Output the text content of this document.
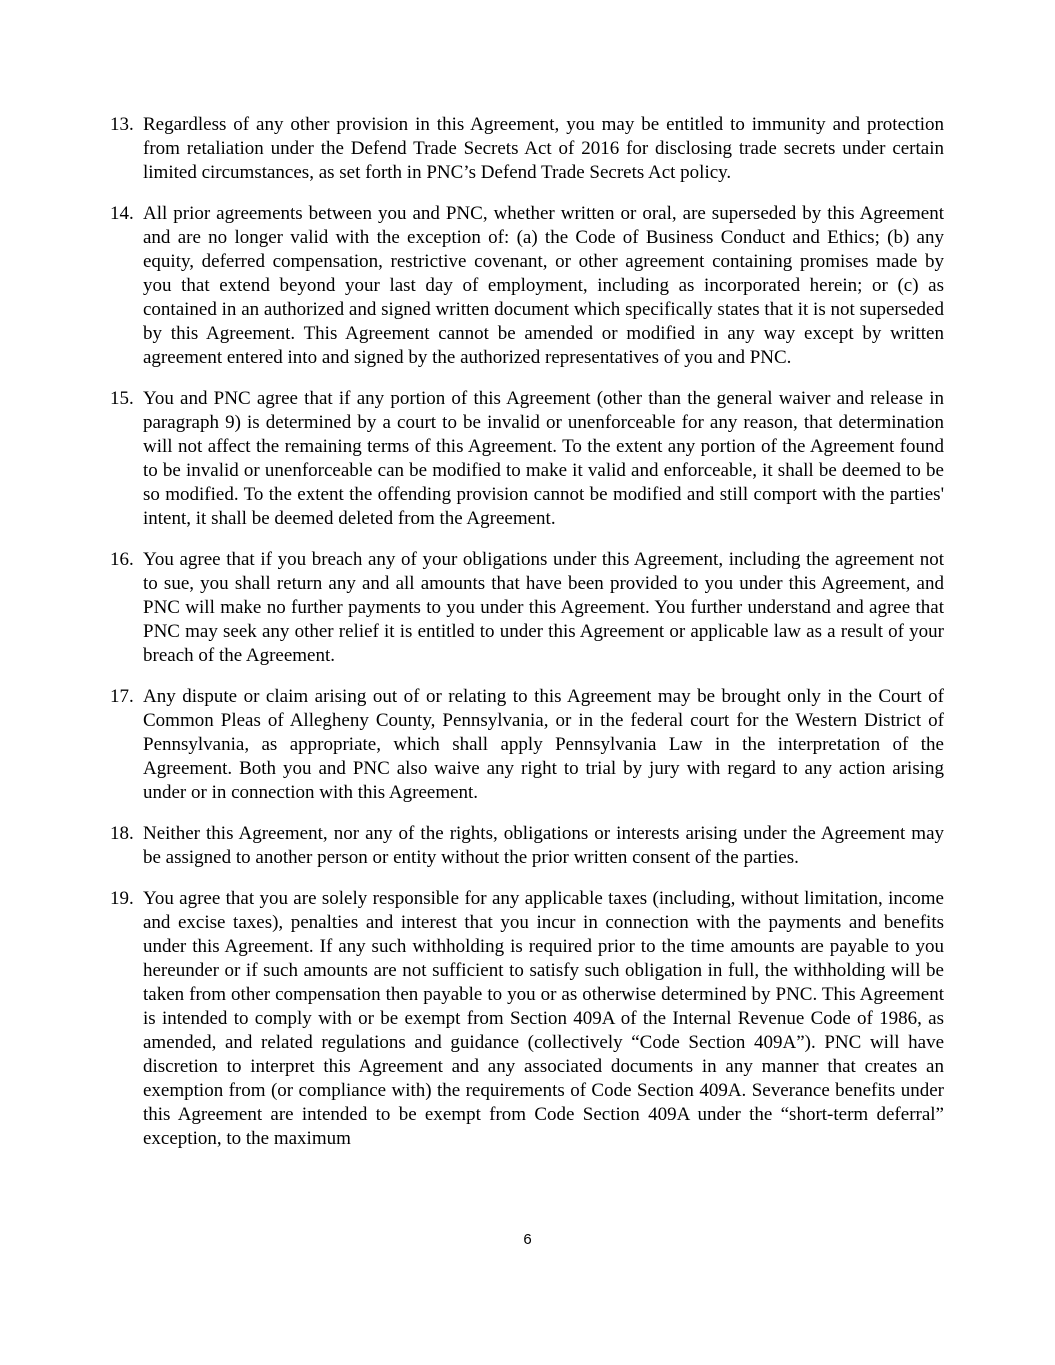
13. Regardless of any other provision in this Agreement, you may be entitled to immunity and protection from retaliation under the Defend Trade Secrets Act of 2016 for disclosing trade secrets under certain limited circumstances, as set forth in PNC’s Defend Trade Secrets Act policy.
14. All prior agreements between you and PNC, whether written or oral, are superseded by this Agreement and are no longer valid with the exception of: (a) the Code of Business Conduct and Ethics; (b) any equity, deferred compensation, restrictive covenant, or other agreement containing promises made by you that extend beyond your last day of employment, including as incorporated herein; or (c) as contained in an authorized and signed written document which specifically states that it is not superseded by this Agreement. This Agreement cannot be amended or modified in any way except by written agreement entered into and signed by the authorized representatives of you and PNC.
15. You and PNC agree that if any portion of this Agreement (other than the general waiver and release in paragraph 9) is determined by a court to be invalid or unenforceable for any reason, that determination will not affect the remaining terms of this Agreement. To the extent any portion of the Agreement found to be invalid or unenforceable can be modified to make it valid and enforceable, it shall be deemed to be so modified. To the extent the offending provision cannot be modified and still comport with the parties' intent, it shall be deemed deleted from the Agreement.
16. You agree that if you breach any of your obligations under this Agreement, including the agreement not to sue, you shall return any and all amounts that have been provided to you under this Agreement, and PNC will make no further payments to you under this Agreement. You further understand and agree that PNC may seek any other relief it is entitled to under this Agreement or applicable law as a result of your breach of the Agreement.
17. Any dispute or claim arising out of or relating to this Agreement may be brought only in the Court of Common Pleas of Allegheny County, Pennsylvania, or in the federal court for the Western District of Pennsylvania, as appropriate, which shall apply Pennsylvania Law in the interpretation of the Agreement. Both you and PNC also waive any right to trial by jury with regard to any action arising under or in connection with this Agreement.
18. Neither this Agreement, nor any of the rights, obligations or interests arising under the Agreement may be assigned to another person or entity without the prior written consent of the parties.
19. You agree that you are solely responsible for any applicable taxes (including, without limitation, income and excise taxes), penalties and interest that you incur in connection with the payments and benefits under this Agreement. If any such withholding is required prior to the time amounts are payable to you hereunder or if such amounts are not sufficient to satisfy such obligation in full, the withholding will be taken from other compensation then payable to you or as otherwise determined by PNC. This Agreement is intended to comply with or be exempt from Section 409A of the Internal Revenue Code of 1986, as amended, and related regulations and guidance (collectively “Code Section 409A”). PNC will have discretion to interpret this Agreement and any associated documents in any manner that creates an exemption from (or compliance with) the requirements of Code Section 409A. Severance benefits under this Agreement are intended to be exempt from Code Section 409A under the “short-term deferral” exception, to the maximum
6
